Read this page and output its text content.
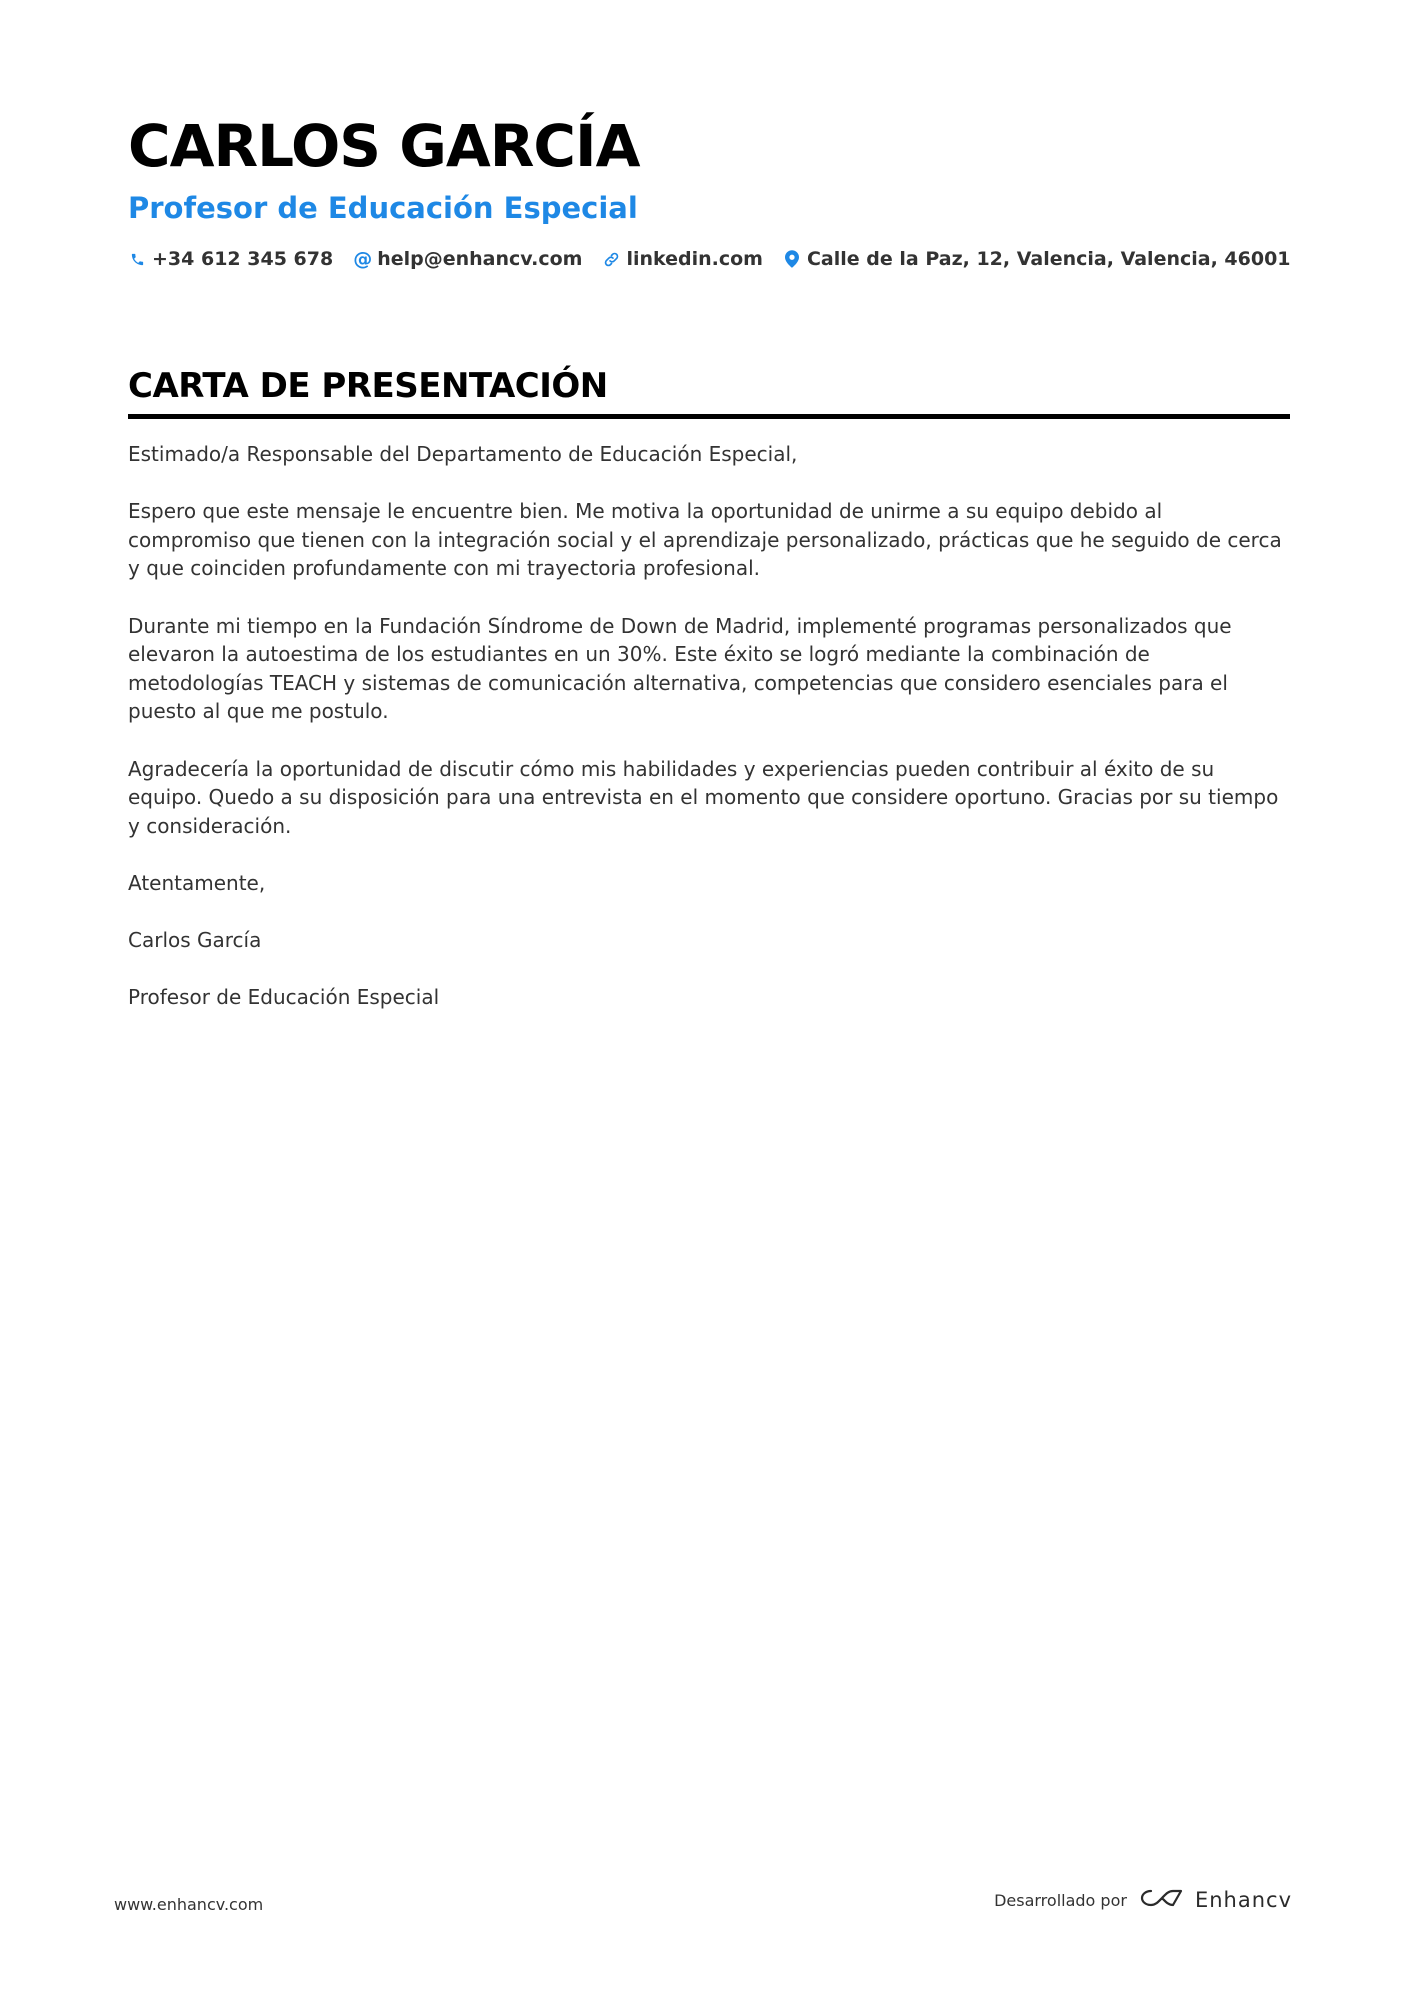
CARLOS GARCÍA
Profesor de Educación Especial
+34 612 345 678 @ help@enhancv.com linkedin.com Calle de la Paz, 12, Valencia, Valencia, 46001
CARTA DE PRESENTACIÓN

Estimado/a Responsable del Departamento de Educación Especial,

Espero que este mensaje le encuentre bien. Me motiva la oportunidad de unirme a su equipo debido al compromiso que tienen con la integración social y el aprendizaje personalizado, prácticas que he seguido de cerca y que coinciden profundamente con mi trayectoria profesional.

Durante mi tiempo en la Fundación Síndrome de Down de Madrid, implementé programas personalizados que elevaron la autoestima de los estudiantes en un 30%. Este éxito se logró mediante la combinación de metodologías TEACH y sistemas de comunicación alternativa, competencias que considero esenciales para el puesto al que me postulo.

Agradecería la oportunidad de discutir cómo mis habilidades y experiencias pueden contribuir al éxito de su equipo. Quedo a su disposición para una entrevista en el momento que considere oportuno. Gracias por su tiempo y consideración.

Atentamente,

Carlos García

Profesor de Educación Especial

www.enhancv.com	Desarrollado por	Enhancv
